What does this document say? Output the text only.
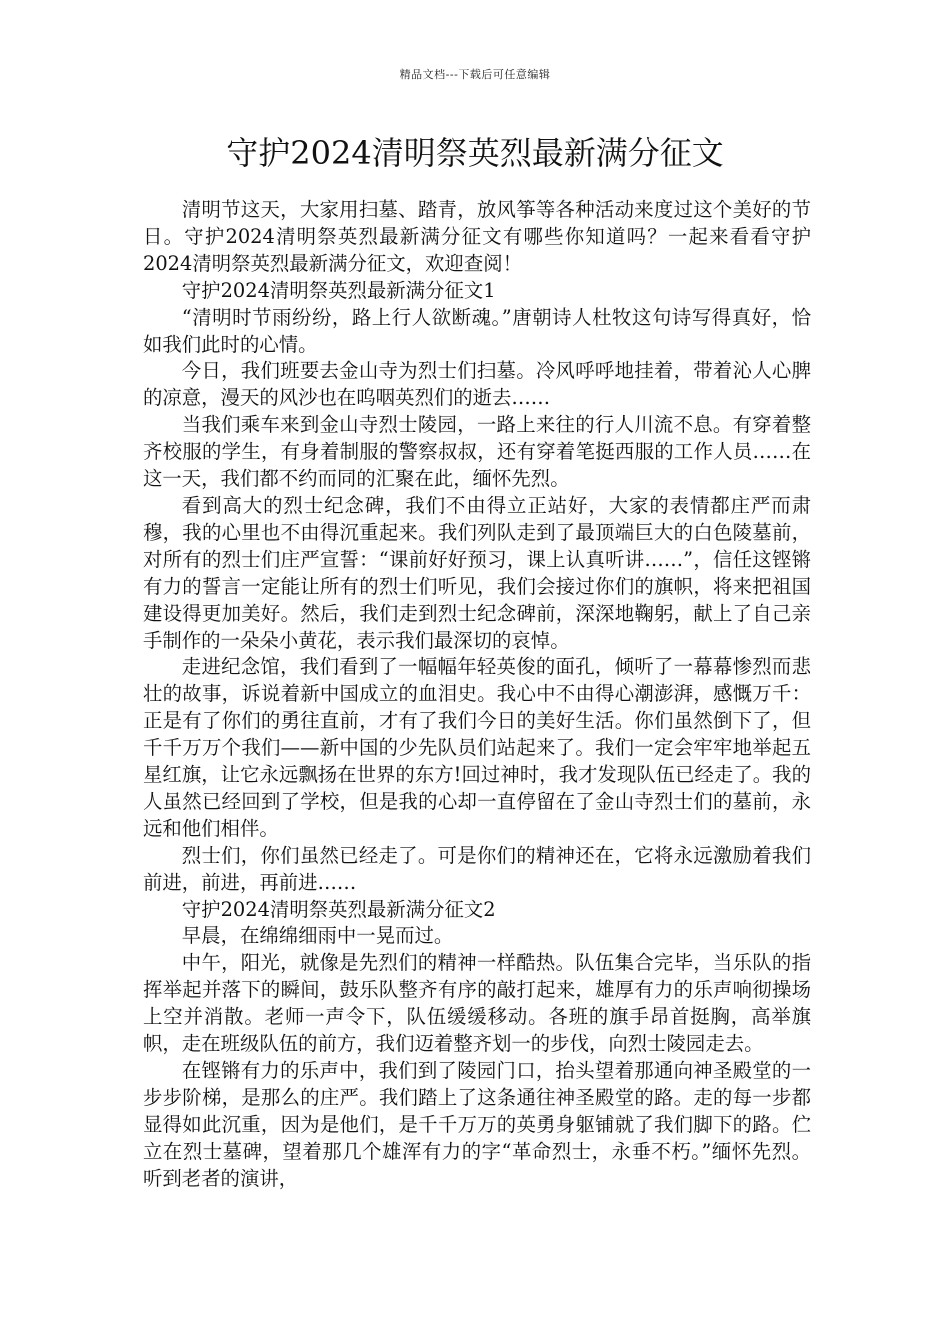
精品文档---下载后可任意编辑
守护2024清明祭英烈最新满分征文

清明节这天，大家用扫墓、踏青，放风筝等各种活动来度过这个美好的节日。守护2024清明祭英烈最新满分征文有哪些你知道吗？一起来看看守护2024清明祭英烈最新满分征文，欢迎查阅！

守护2024清明祭英烈最新满分征文1

“清明时节雨纷纷，路上行人欲断魂。”唐朝诗人杜牧这句诗写得真好，恰如我们此时的心情。

今日，我们班要去金山寺为烈士们扫墓。冷风呼呼地挂着，带着沁人心脾的凉意，漫天的风沙也在呜咽英烈们的逝去……

当我们乘车来到金山寺烈士陵园，一路上来往的行人川流不息。有穿着整齐校服的学生，有身着制服的警察叔叔，还有穿着笔挺西服的工作人员……在这一天，我们都不约而同的汇聚在此，缅怀先烈。

看到高大的烈士纪念碑，我们不由得立正站好，大家的表情都庄严而肃穆，我的心里也不由得沉重起来。我们列队走到了最顶端巨大的白色陵墓前，对所有的烈士们庄严宣誓：“课前好好预习，课上认真听讲……”，信任这铿锵有力的誓言一定能让所有的烈士们听见，我们会接过你们的旗帜，将来把祖国建设得更加美好。然后，我们走到烈士纪念碑前，深深地鞠躬，献上了自己亲手制作的一朵朵小黄花，表示我们最深切的哀悼。

走进纪念馆，我们看到了一幅幅年轻英俊的面孔，倾听了一幕幕惨烈而悲壮的故事，诉说着新中国成立的血泪史。我心中不由得心潮澎湃，感慨万千：正是有了你们的勇往直前，才有了我们今日的美好生活。你们虽然倒下了，但千千万万个我们——新中国的少先队员们站起来了。我们一定会牢牢地举起五星红旗，让它永远飘扬在世界的东方!回过神时，我才发现队伍已经走了。我的人虽然已经回到了学校，但是我的心却一直停留在了金山寺烈士们的墓前，永远和他们相伴。

烈士们，你们虽然已经走了。可是你们的精神还在，它将永远激励着我们前进，前进，再前进……

守护2024清明祭英烈最新满分征文2

早晨，在绵绵细雨中一晃而过。

中午，阳光，就像是先烈们的精神一样酷热。队伍集合完毕，当乐队的指挥举起并落下的瞬间，鼓乐队整齐有序的敲打起来，雄厚有力的乐声响彻操场上空并消散。老师一声令下，队伍缓缓移动。各班的旗手昂首挺胸，高举旗帜，走在班级队伍的前方，我们迈着整齐划一的步伐，向烈士陵园走去。

在铿锵有力的乐声中，我们到了陵园门口，抬头望着那通向神圣殿堂的一步步阶梯，是那么的庄严。我们踏上了这条通往神圣殿堂的路。走的每一步都显得如此沉重，因为是他们，是千千万万的英勇身躯铺就了我们脚下的路。伫立在烈士墓碑，望着那几个雄浑有力的字“革命烈士，永垂不朽。”缅怀先烈。听到老者的演讲，
